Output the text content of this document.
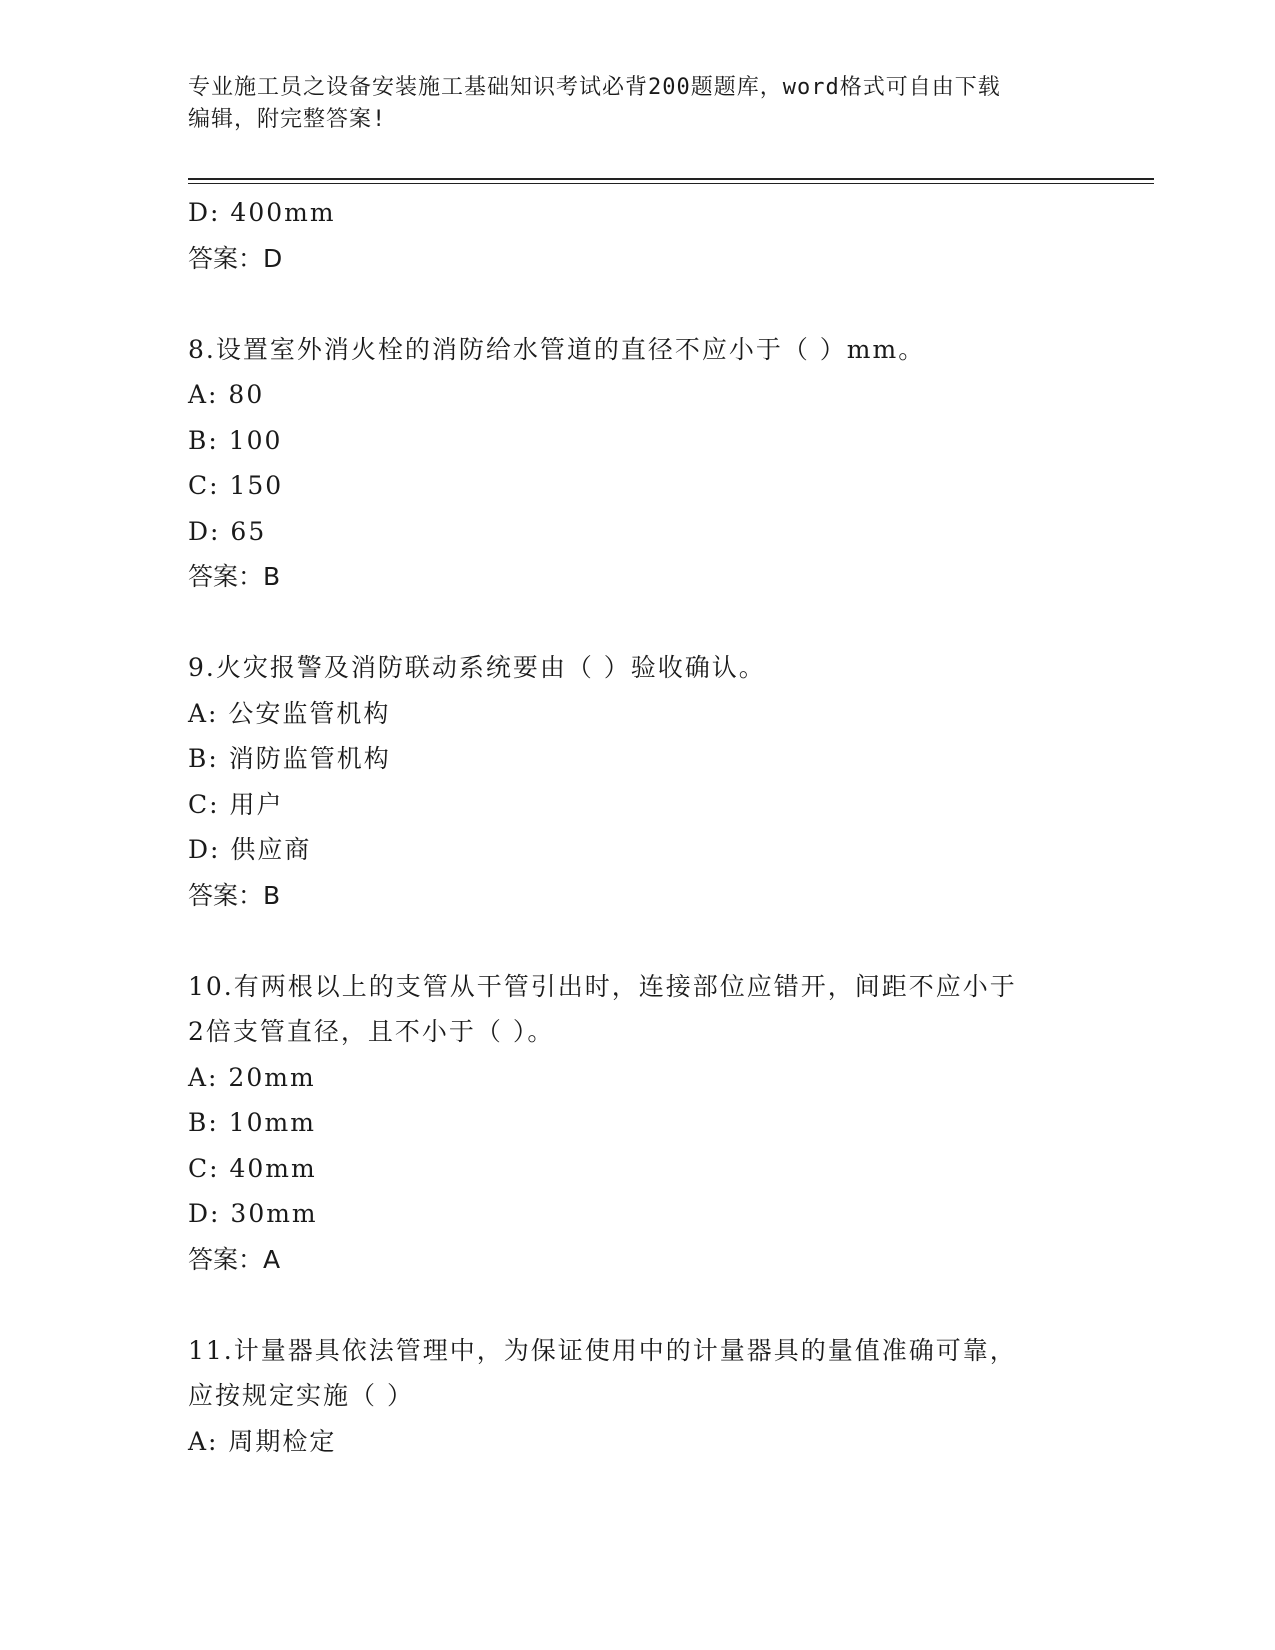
专业施工员之设备安装施工基础知识考试必背200题题库，word格式可自由下载
编辑，附完整答案!
D: 400mm
答案：D
8.设置室外消火栓的消防给水管道的直径不应小于（ ）mm。
A: 80
B: 100
C: 150
D: 65
答案：B
9.火灾报警及消防联动系统要由（ ）验收确认。
A: 公安监管机构
B: 消防监管机构
C: 用户
D: 供应商
答案：B
10.有两根以上的支管从干管引出时，连接部位应错开，间距不应小于
2倍支管直径，且不小于（ ）。
A: 20mm
B: 10mm
C: 40mm
D: 30mm
答案：A
11.计量器具依法管理中，为保证使用中的计量器具的量值准确可靠，
应按规定实施（ ）
A: 周期检定
